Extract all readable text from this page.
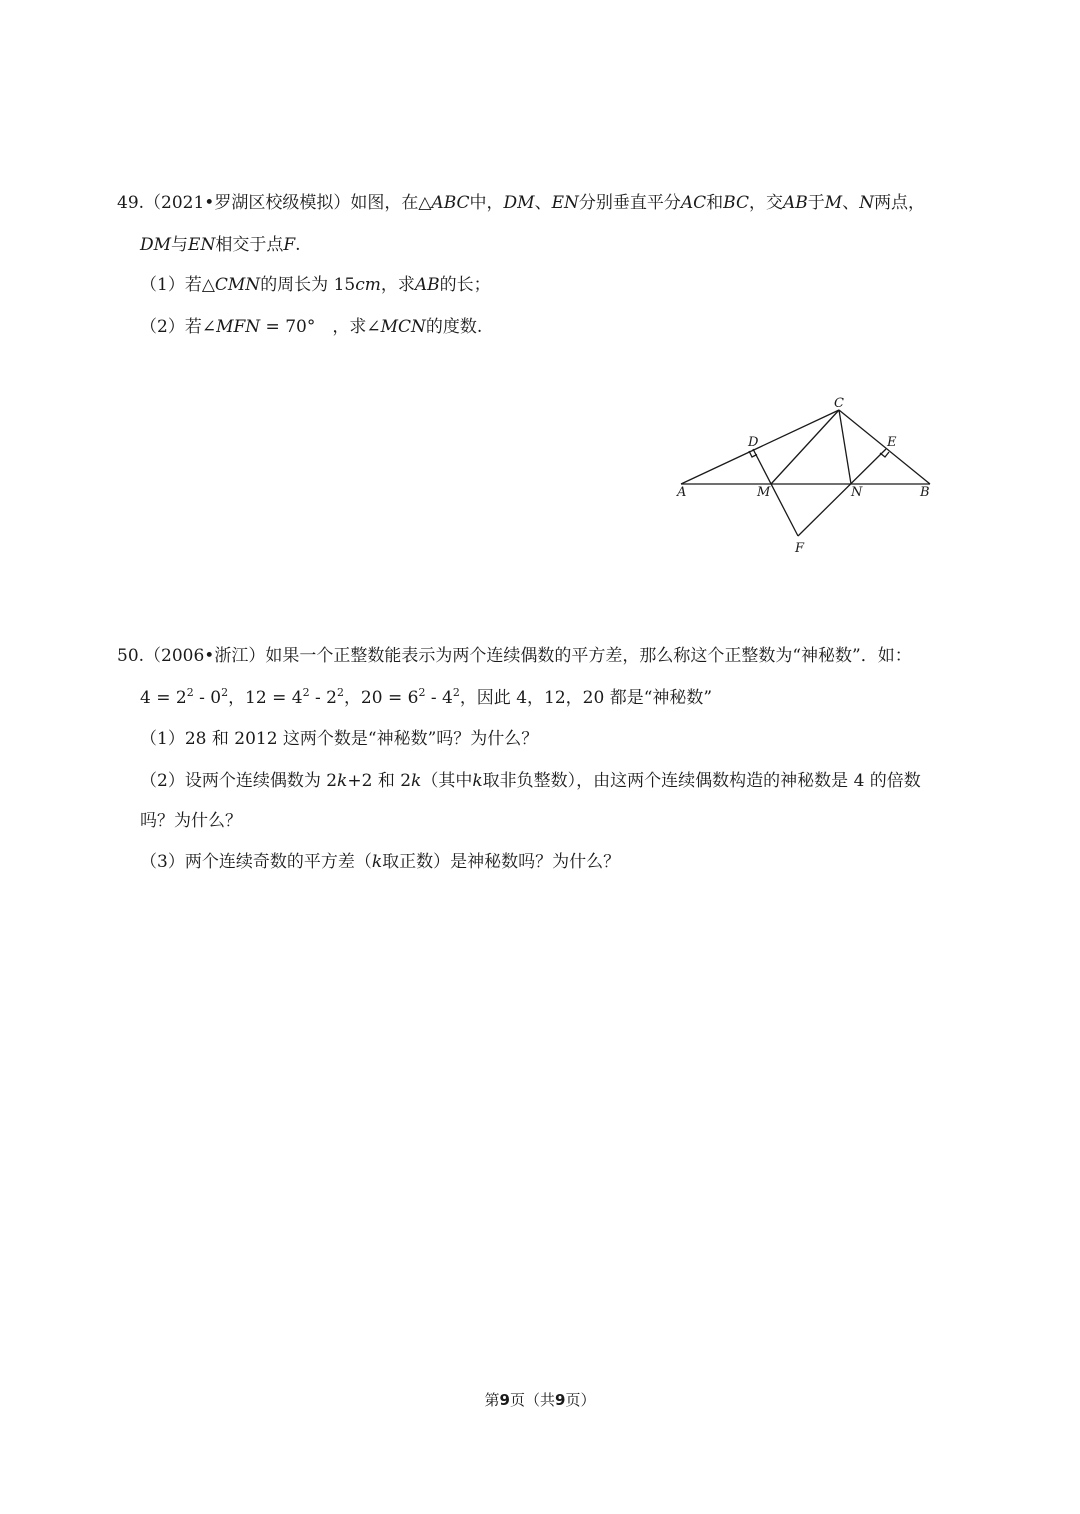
49.（2021•罗湖区校级模拟）如图，在△ABC中，DM、EN分别垂直平分AC和BC，交AB于M、N两点，
DM与EN相交于点F.
（1）若△CMN的周长为 15cm，求AB的长；
（2）若∠MFN = 70°　，求∠MCN的度数.
A	B
C
D	E
M	N
F
50.（2006•浙江）如果一个正整数能表示为两个连续偶数的平方差，那么称这个正整数为“神秘数”．如：
$4 = 2^2 - 0^2$，$12 = 4^2 - 2^2$，$20 = 6^2 - 4^2$，因此 4，12，20 都是“神秘数”
（1）28 和 2012 这两个数是“神秘数”吗？为什么？
（2）设两个连续偶数为 2k+2 和 2k（其中k取非负整数），由这两个连续偶数构造的神秘数是 4 的倍数
吗？为什么？
（3）两个连续奇数的平方差（k取正数）是神秘数吗？为什么？
第9页（共9页）
